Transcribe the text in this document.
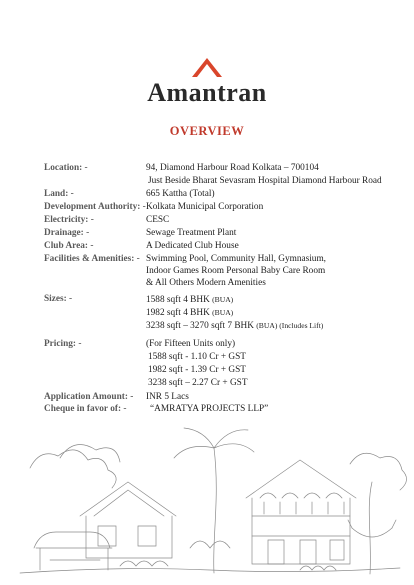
Amantran
OVERVIEW
Location: -	94, Diamond Harbour Road Kolkata – 700104
Just Beside Bharat Sevasram Hospital Diamond Harbour Road
Land: -	665 Kattha (Total)
Development Authority: - Kolkata Municipal Corporation
Electricity: -	CESC
Drainage: -	Sewage Treatment Plant
Club Area: -	A Dedicated Club House
Facilities & Amenities: - Swimming Pool, Community Hall, Gymnasium,
Indoor Games Room Personal Baby Care Room
& All Others Modern Amenities
Sizes: -	1588 sqft 4 BHK (BUA)
1982 sqft 4 BHK (BUA)
3238 sqft – 3270 sqft 7 BHK (BUA) (Includes Lift)
Pricing: -	(For Fifteen Units only)
1588 sqft - 1.10 Cr + GST
1982 sqft - 1.39 Cr + GST
3238 sqft – 2.27 Cr + GST
Application Amount: - INR 5 Lacs
Cheque in favor of: -	“AMRATYA PROJECTS LLP”
